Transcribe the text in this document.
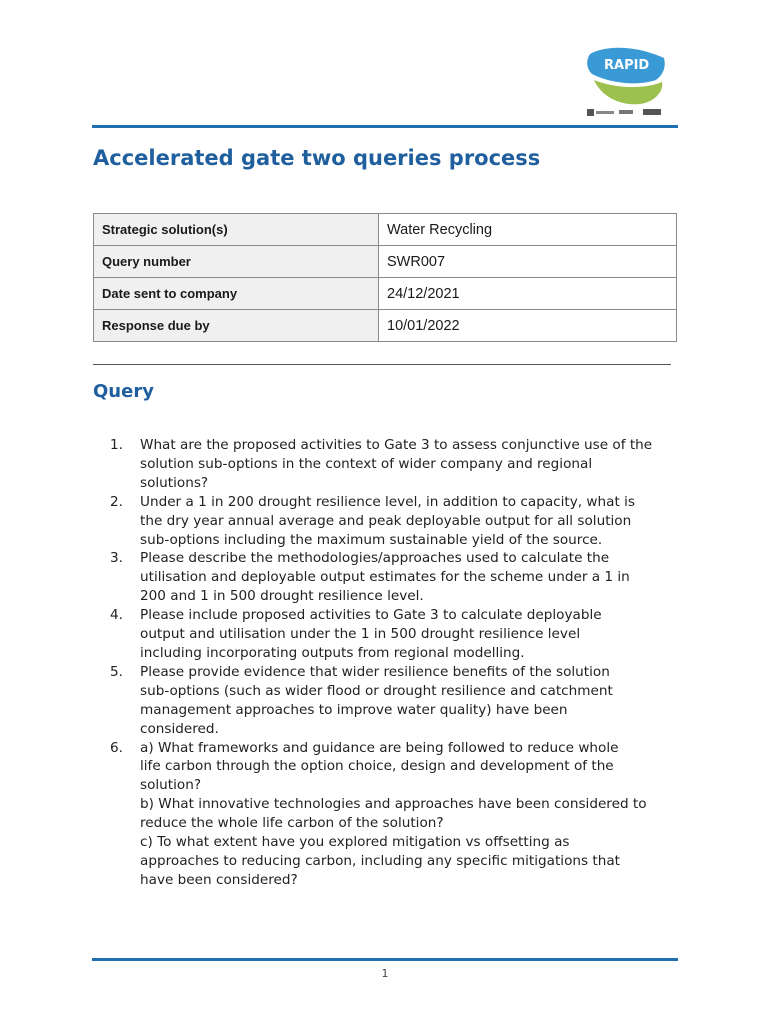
RAPID
Accelerated gate two queries process
Strategic solution(s)	Water Recycling
Query number	SWR007
Date sent to company	24/12/2021
Response due by	10/01/2022
Query
1.	What are the proposed activities to Gate 3 to assess conjunctive use of the
solution sub-options in the context of wider company and regional
solutions?
2.	Under a 1 in 200 drought resilience level, in addition to capacity, what is
the dry year annual average and peak deployable output for all solution
sub-options including the maximum sustainable yield of the source.
3.	Please describe the methodologies/approaches used to calculate the
utilisation and deployable output estimates for the scheme under a 1 in
200 and 1 in 500 drought resilience level.
4.	Please include proposed activities to Gate 3 to calculate deployable
output and utilisation under the 1 in 500 drought resilience level
including incorporating outputs from regional modelling.
5.	Please provide evidence that wider resilience benefits of the solution
sub-options (such as wider flood or drought resilience and catchment
management approaches to improve water quality) have been
considered.
6.	a) What frameworks and guidance are being followed to reduce whole
life carbon through the option choice, design and development of the
solution?
b) What innovative technologies and approaches have been considered to
reduce the whole life carbon of the solution?
c) To what extent have you explored mitigation vs offsetting as
approaches to reducing carbon, including any specific mitigations that
have been considered?
1
